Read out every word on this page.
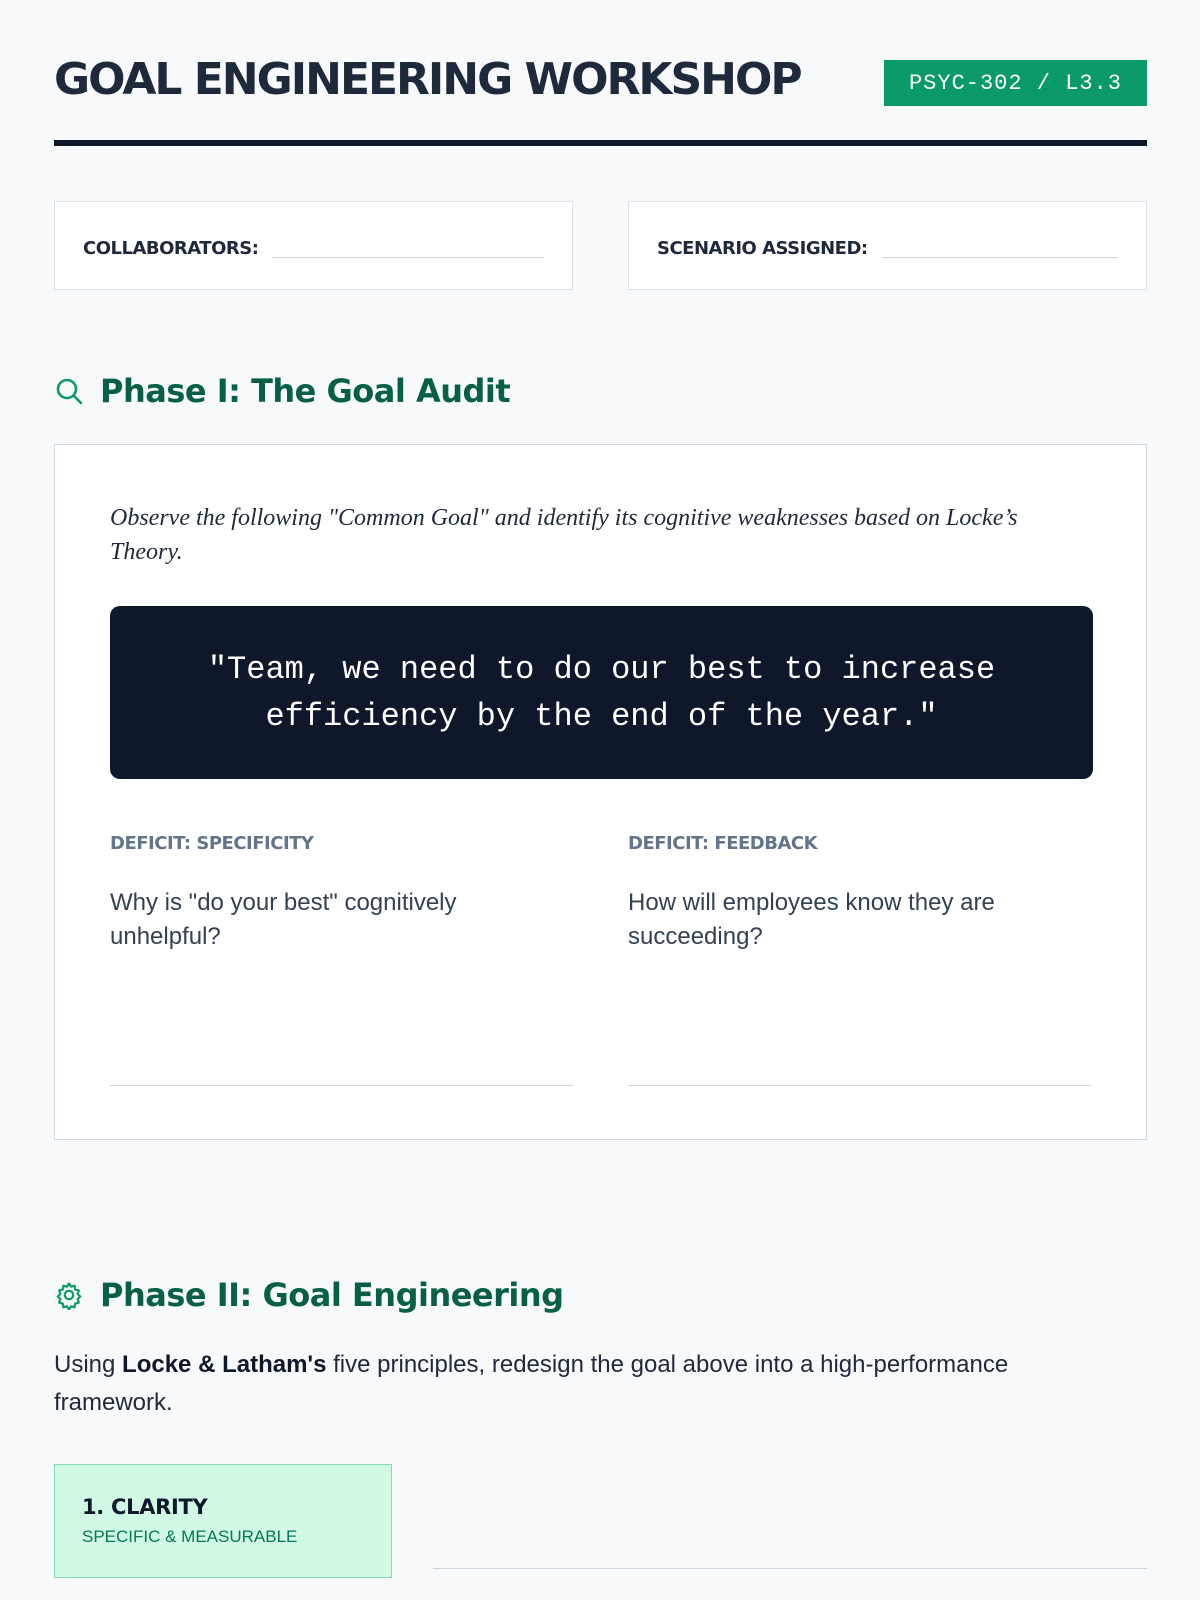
GOAL ENGINEERING WORKSHOP	PSYC-302 / L3.3
COLLABORATORS:	SCENARIO ASSIGNED:
Phase I: The Goal Audit
Observe the following "Common Goal" and identify its cognitive weaknesses based on Locke’s Theory.
"Team, we need to do our best to increase efficiency by the end of the year."
DEFICIT: SPECIFICITY
Why is "do your best" cognitively unhelpful?
DEFICIT: FEEDBACK
How will employees know they are succeeding?
Phase II: Goal Engineering
Using Locke & Latham's five principles, redesign the goal above into a high-performance framework.
1. CLARITY
SPECIFIC & MEASURABLE
